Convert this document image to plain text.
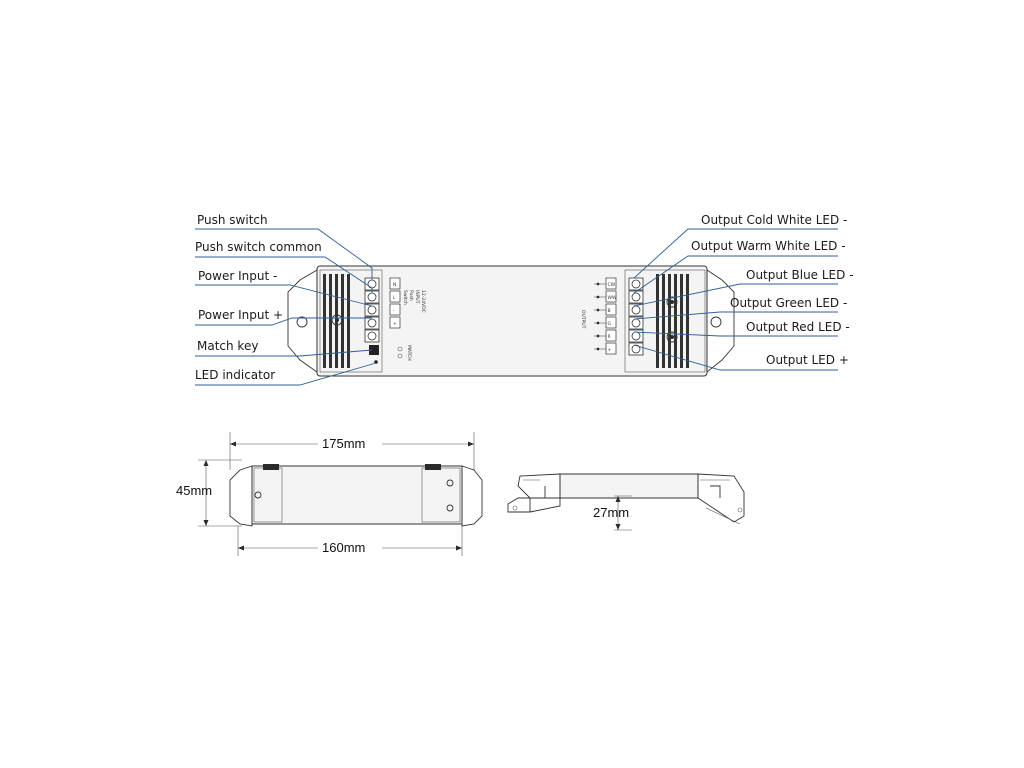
N
L
-
+
Switch Push INPUT 12-24VDC
MATCH
CW
WW
B
G
R
+
OUTPUT
Push switch
Push switch common
Power Input -
Power Input +
Match key
LED indicator
Output Cold White LED -
Output Warm White LED -
Output Blue LED -
Output Green LED -
Output Red LED -
Output LED +
175mm
160mm
45mm
27mm
